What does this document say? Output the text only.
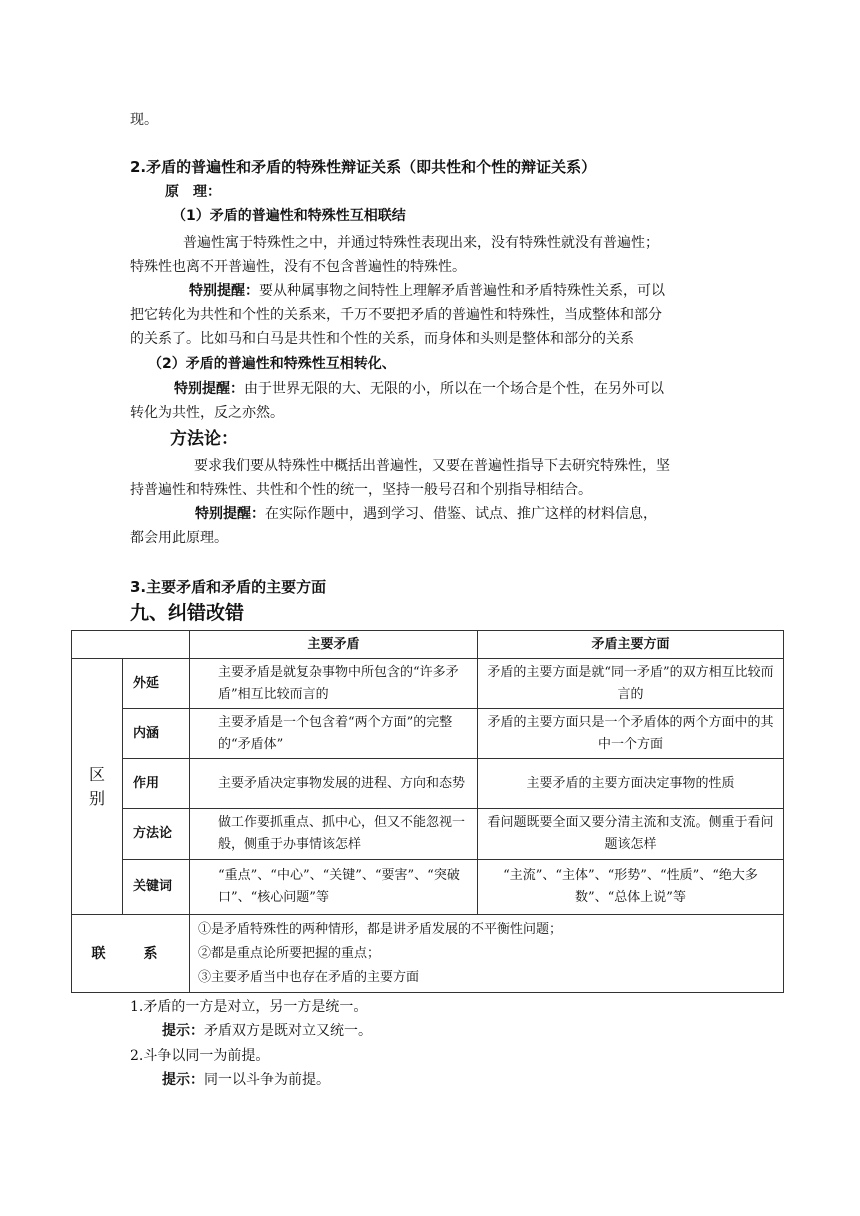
现。
2.矛盾的普遍性和矛盾的特殊性辩证关系（即共性和个性的辩证关系）
原　理：
（1）矛盾的普遍性和特殊性互相联结
普遍性寓于特殊性之中，并通过特殊性表现出来，没有特殊性就没有普遍性；
特殊性也离不开普遍性，没有不包含普遍性的特殊性。
特别提醒：要从种属事物之间特性上理解矛盾普遍性和矛盾特殊性关系，可以
把它转化为共性和个性的关系来，千万不要把矛盾的普遍性和特殊性，当成整体和部分
的关系了。比如马和白马是共性和个性的关系，而身体和头则是整体和部分的关系
（2）矛盾的普遍性和特殊性互相转化、
特别提醒：由于世界无限的大、无限的小，所以在一个场合是个性，在另外可以
转化为共性，反之亦然。
方法论：
要求我们要从特殊性中概括出普遍性，又要在普遍性指导下去研究特殊性，坚
持普遍性和特殊性、共性和个性的统一，坚持一般号召和个别指导相结合。
特别提醒：在实际作题中，遇到学习、借鉴、试点、推广这样的材料信息，
都会用此原理。
3.主要矛盾和矛盾的主要方面
九、纠错改错
		主要矛盾	矛盾主要方面
区别	外延	主要矛盾是就复杂事物中所包含的“许多矛盾”相互比较而言的	矛盾的主要方面是就“同一矛盾”的双方相互比较而言的
	内涵	主要矛盾是一个包含着“两个方面”的完整的“矛盾体”	矛盾的主要方面只是一个矛盾体的两个方面中的其中一个方面
	作用	主要矛盾决定事物发展的进程、方向和态势	主要矛盾的主要方面决定事物的性质
	方法论	做工作要抓重点、抓中心，但又不能忽视一般，侧重于办事情该怎样	看问题既要全面又要分清主流和支流。侧重于看问题该怎样
	关键词	“重点”、“中心”、“关键”、“要害”、“突破口”、“核心问题”等	“主流”、“主体”、“形势”、“性质”、“绝大多数”、“总体上说”等
联　系		①是矛盾特殊性的两种情形，都是讲矛盾发展的不平衡性问题；
②都是重点论所要把握的重点；
③主要矛盾当中也存在矛盾的主要方面	
1.矛盾的一方是对立，另一方是统一。
提示：矛盾双方是既对立又统一。
2.斗争以同一为前提。
提示：同一以斗争为前提。
